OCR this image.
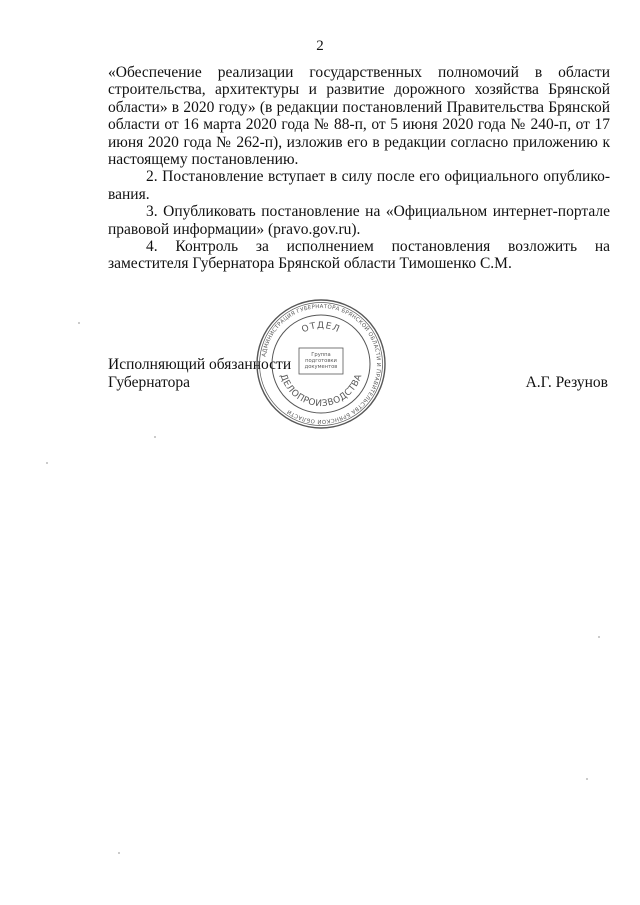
2

«Обеспечение реализации государственных полномочий в области строительства, архитектуры и развитие дорожного хозяйства Брянской области» в 2020 году» (в редакции постановлений Правительства Брянской области от 16 марта 2020 года № 88-п, от 5 июня 2020 года № 240-п, от 17 июня 2020 года № 262-п), изложив его в редакции согласно приложению к настоящему постановлению.

2. Постановление вступает в силу после его официального опублико-вания.

3. Опубликовать постановление на «Официальном интернет-портале правовой информации» (pravo.gov.ru).

4. Контроль за исполнением постановления возложить на заместителя Губернатора Брянской области Тимошенко С.М.

Исполняющий обязанности
Губернатора	А.Г. Резунов
АДМИНИСТРАЦИЯ ГУБЕРНАТОРА БРЯНСКОЙ ОБЛАСТИ И ПРАВИТЕЛЬСТВА БРЯНСКОЙ ОБЛАСТИ
ОТДЕЛ
ДЕЛОПРОИЗВОДСТВА
Группа подготовки документов
